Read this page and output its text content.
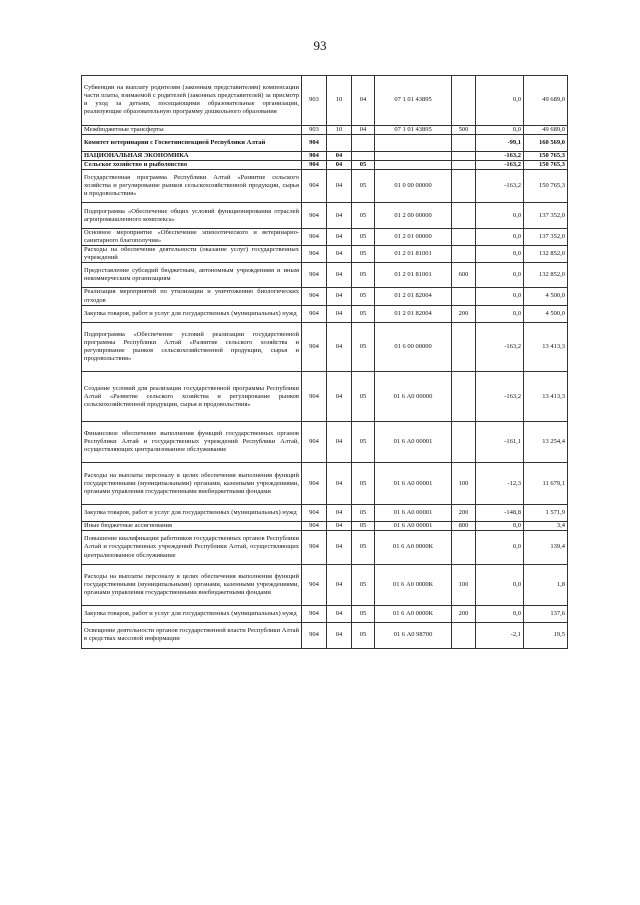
93
Субвенции на выплату родителям (законным представителям) компенсации части платы, взимаемой с родителей (законных представителей) за присмотр и уход за детьми, посещающими образовательные организации, реализующие образовательную программу дошкольного образования	903	10	04	07 1 01 43895		0,0	49 689,0
Межбюджетные трансферты	903	10	04	07 1 01 43895	500	0,0	49 689,0
Комитет ветеринарии с Госветинспекцией Республики Алтай	904					-99,1	160 569,0
НАЦИОНАЛЬНАЯ ЭКОНОМИКА	904	04				-163,2	150 765,3
Сельское хозяйство и рыболовство	904	04	05			-163,2	150 765,3
Государственная программа Республики Алтай «Развитие сельского хозяйства и регулирование рынков сельскохозяйственной продукции, сырья и продовольствия»	904	04	05	01 0 00 00000		-163,2	150 765,3
Подпрограмма «Обеспечение общих условий функционирования отраслей агропромышленного комплекса»	904	04	05	01 2 00 00000		0,0	137 352,0
Основное мероприятие «Обеспечение эпизоотического и ветеринарно-санитарного благополучия»	904	04	05	01 2 01 00000		0,0	137 352,0
Расходы на обеспечение деятельности (оказание услуг) государственных учреждений	904	04	05	01 2 01 81001		0,0	132 852,0
Предоставление субсидий бюджетным, автономным учреждениям и иным некоммерческим организациям	904	04	05	01 2 01 81001	600	0,0	132 852,0
Реализация мероприятий по утилизации и уничтожению биологических отходов	904	04	05	01 2 01 82004		0,0	4 500,0
Закупка товаров, работ и услуг для государственных (муниципальных) нужд	904	04	05	01 2 01 82004	200	0,0	4 500,0
Подпрограмма «Обеспечение условий реализации государственной программы Республики Алтай «Развитие сельского хозяйства и регулирование рынков сельскохозяйственной продукции, сырья и продовольствия»	904	04	05	01 6 00 00000		-163,2	13 413,3
Создание условий для реализации государственной программы Республики Алтай «Развитие сельского хозяйства и регулирование рынков сельскохозяйственной продукции, сырья и продовольствия»	904	04	05	01 6 А0 00000		-163,2	13 413,3
Финансовое обеспечение выполнения функций государственных органов Республики Алтай и государственных учреждений Республики Алтай, осуществляющих централизованное обслуживание	904	04	05	01 6 А0 00001		-161,1	13 254,4
Расходы на выплаты персоналу в целях обеспечения выполнения функций государственными (муниципальными) органами, казенными учреждениями, органами управления государственными внебюджетными фондами	904	04	05	01 6 А0 00001	100	-12,3	11 679,1
Закупка товаров, работ и услуг для государственных (муниципальных) нужд	904	04	05	01 6 А0 00001	200	-148,8	1 571,9
Иные бюджетные ассигнования	904	04	05	01 6 А0 00001	800	0,0	3,4
Повышение квалификации работников государственных органов Республики Алтай и государственных учреждений Республики Алтай, осуществляющих централизованное обслуживание	904	04	05	01 6 А0 0000К		0,0	139,4
Расходы на выплаты персоналу в целях обеспечения выполнения функций государственными (муниципальными) органами, казенными учреждениями, органами управления государственными внебюджетными фондами	904	04	05	01 6 А0 0000К	100	0,0	1,8
Закупка товаров, работ и услуг для государственных (муниципальных) нужд	904	04	05	01 6 А0 0000К	200	0,0	137,6
Освещение деятельности органов государственной власти Республики Алтай в средствах массовой информации	904	04	05	01 6 А0 98700		-2,1	19,5
